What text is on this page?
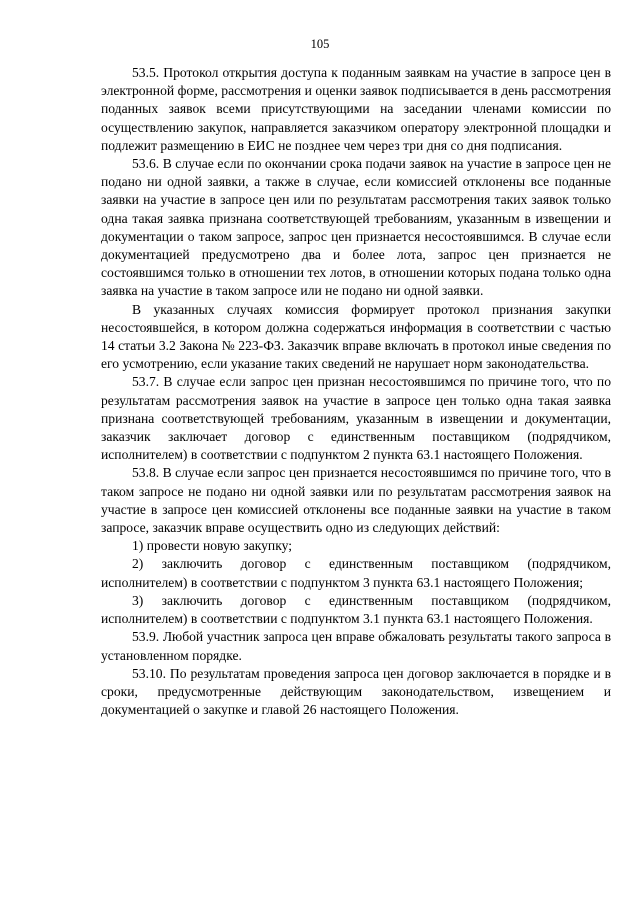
105

53.5. Протокол открытия доступа к поданным заявкам на участие в запросе цен в электронной форме, рассмотрения и оценки заявок подписывается в день рассмотрения поданных заявок всеми присутствующими на заседании членами комиссии по осуществлению закупок, направляется заказчиком оператору электронной площадки и подлежит размещению в ЕИС не позднее чем через три дня со дня подписания.

53.6. В случае если по окончании срока подачи заявок на участие в запросе цен не подано ни одной заявки, а также в случае, если комиссией отклонены все поданные заявки на участие в запросе цен или по результатам рассмотрения таких заявок только одна такая заявка признана соответствующей требованиям, указанным в извещении и документации о таком запросе, запрос цен признается несостоявшимся. В случае если документацией предусмотрено два и более лота, запрос цен признается не состоявшимся только в отношении тех лотов, в отношении которых подана только одна заявка на участие в таком запросе или не подано ни одной заявки.

В указанных случаях комиссия формирует протокол признания закупки несостоявшейся, в котором должна содержаться информация в соответствии с частью 14 статьи 3.2 Закона № 223-ФЗ. Заказчик вправе включать в протокол иные сведения по его усмотрению, если указание таких сведений не нарушает норм законодательства.

53.7. В случае если запрос цен признан несостоявшимся по причине того, что по результатам рассмотрения заявок на участие в запросе цен только одна такая заявка признана соответствующей требованиям, указанным в извещении и документации, заказчик заключает договор с единственным поставщиком (подрядчиком, исполнителем) в соответствии с подпунктом 2 пункта 63.1 настоящего Положения.

53.8. В случае если запрос цен признается несостоявшимся по причине того, что в таком запросе не подано ни одной заявки или по результатам рассмотрения заявок на участие в запросе цен комиссией отклонены все поданные заявки на участие в таком запросе, заказчик вправе осуществить одно из следующих действий:

1) провести новую закупку;

2) заключить договор с единственным поставщиком (подрядчиком, исполнителем) в соответствии с подпунктом 3 пункта 63.1 настоящего Положения;

3) заключить договор с единственным поставщиком (подрядчиком, исполнителем) в соответствии с подпунктом 3.1 пункта 63.1 настоящего Положения.

53.9. Любой участник запроса цен вправе обжаловать результаты такого запроса в установленном порядке.

53.10. По результатам проведения запроса цен договор заключается в порядке и в сроки, предусмотренные действующим законодательством, извещением и документацией о закупке и главой 26 настоящего Положения.
